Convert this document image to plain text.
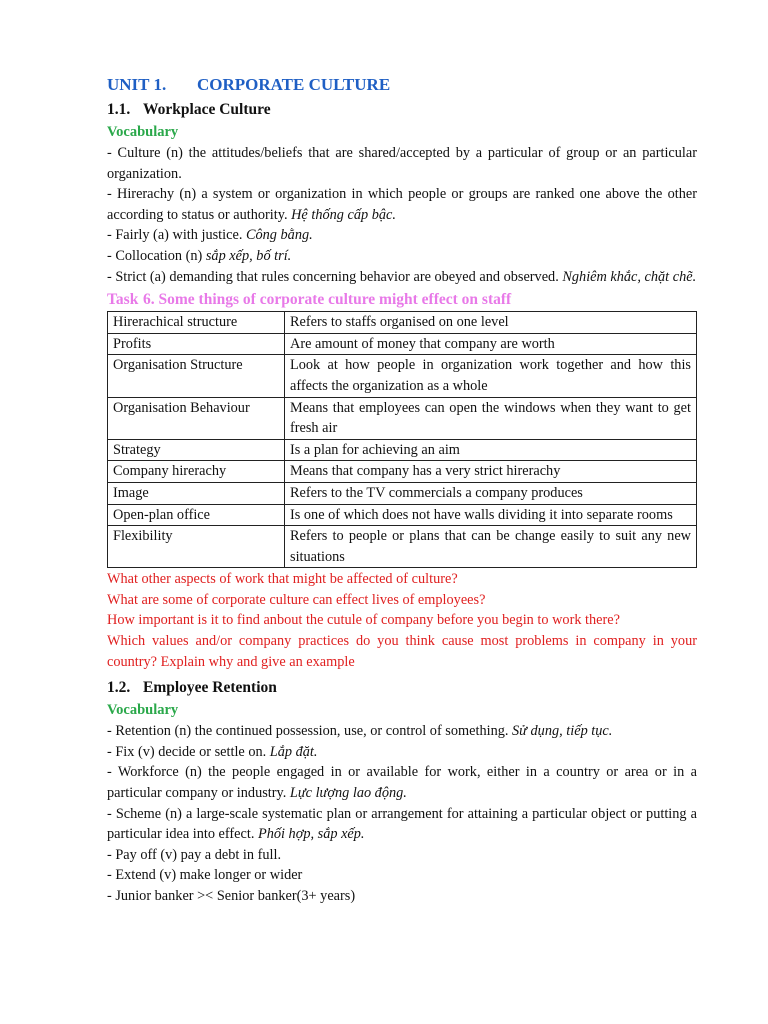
UNIT 1. CORPORATE CULTURE
1.1. Workplace Culture
Vocabulary
- Culture (n) the attitudes/beliefs that are shared/accepted by a particular of group or an particular organization.
- Hirerachy (n) a system or organization in which people or groups are ranked one above the other according to status or authority. Hệ thống cấp bậc.
- Fairly (a) with justice. Công bằng.
- Collocation (n) sắp xếp, bố trí.
- Strict (a) demanding that rules concerning behavior are obeyed and observed. Nghiêm khắc, chặt chẽ.
Task 6. Some things of corporate culture might effect on staff
Hirerachical structure	Refers to staffs organised on one level
Profits	Are amount of money that company are worth
Organisation Structure	Look at how people in organization work together and how this affects the organization as a whole
Organisation Behaviour	Means that employees can open the windows when they want to get fresh air
Strategy	Is a plan for achieving an aim
Company hirerachy	Means that company has a very strict hirerachy
Image	Refers to the TV commercials a company produces
Open-plan office	Is one of which does not have walls dividing it into separate rooms
Flexibility	Refers to people or plans that can be change easily to suit any new situations
What other aspects of work that might be affected of culture?
What are some of corporate culture can effect lives of employees?
How important is it to find anbout the cutule of company before you begin to work there?
Which values and/or company practices do you think cause most problems in company in your country? Explain why and give an example
1.2. Employee Retention
Vocabulary
- Retention (n) the continued possession, use, or control of something. Sử dụng, tiếp tục.
- Fix (v) decide or settle on. Lắp đặt.
- Workforce (n) the people engaged in or available for work, either in a country or area or in a particular company or industry. Lực lượng lao động.
- Scheme (n) a large-scale systematic plan or arrangement for attaining a particular object or putting a particular idea into effect. Phối hợp, sắp xếp.
- Pay off (v) pay a debt in full.
- Extend (v) make longer or wider
- Junior banker >< Senior banker(3+ years)
